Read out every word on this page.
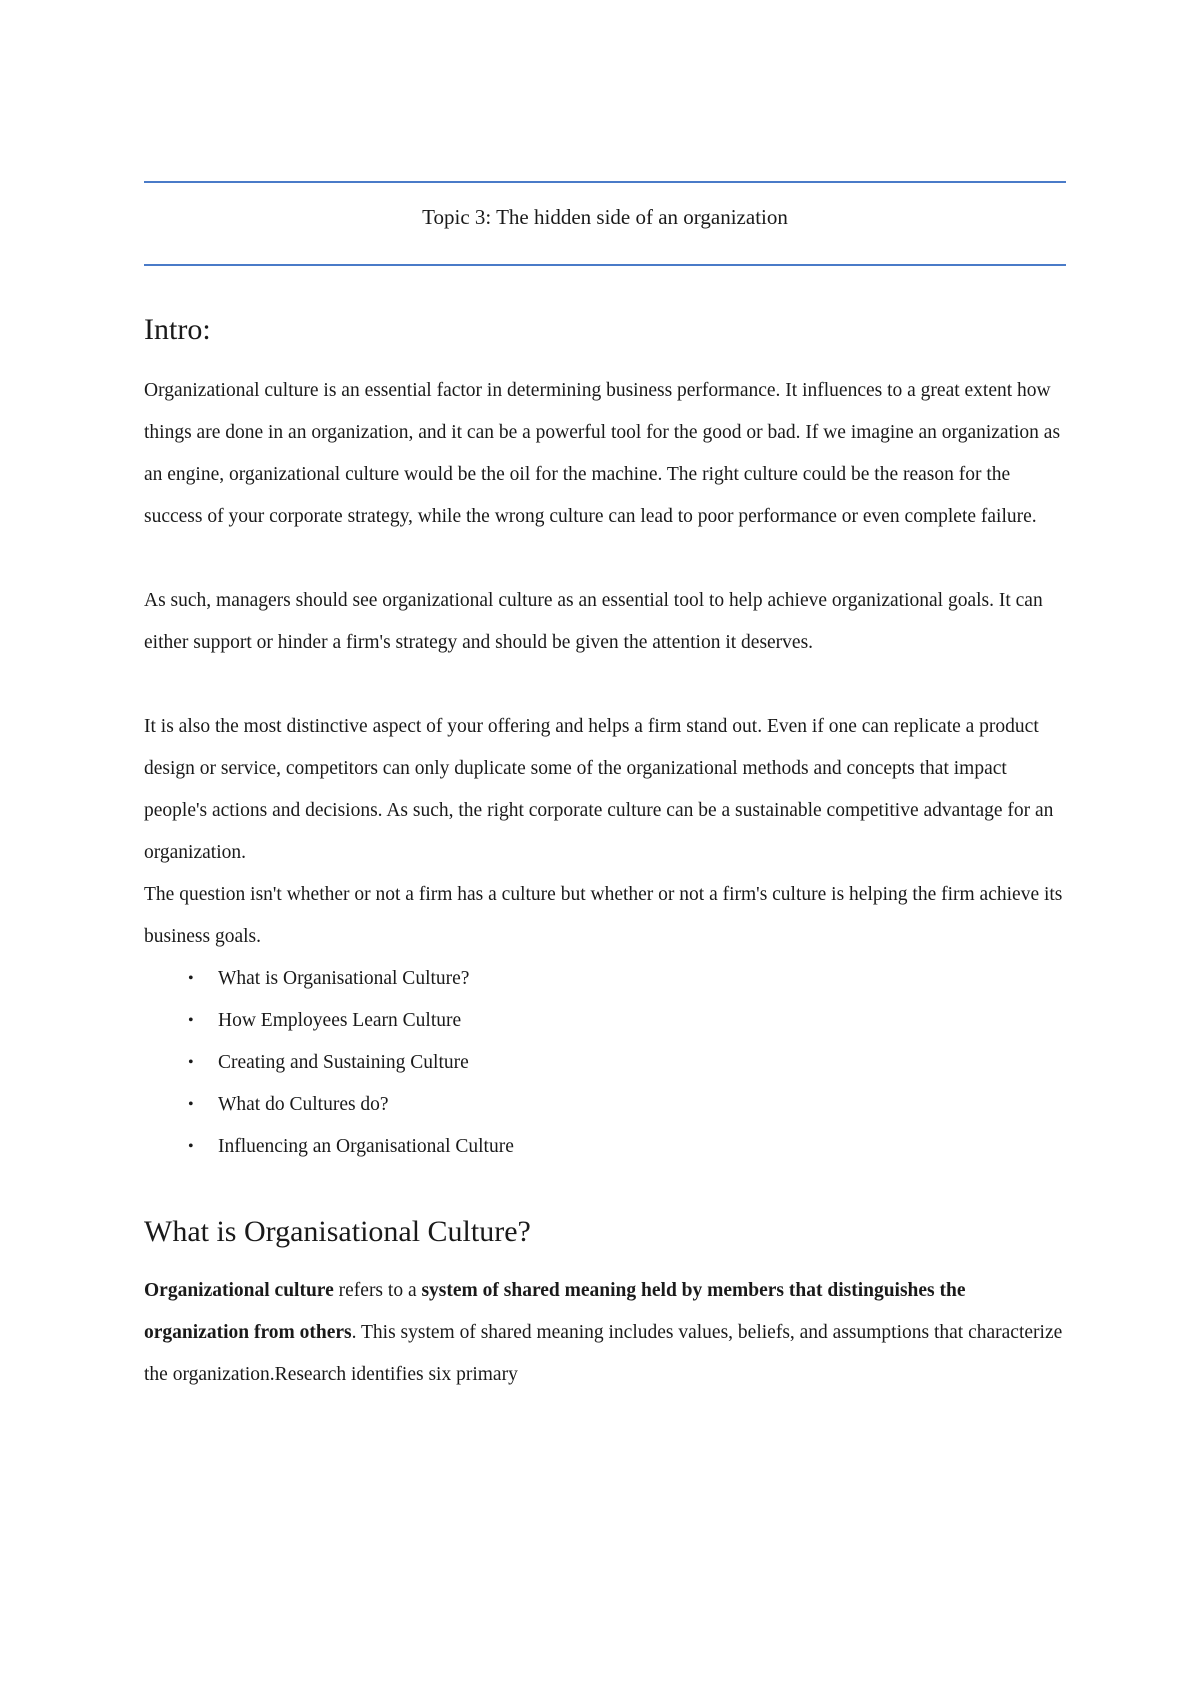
Topic 3: The hidden side of an organization
Intro:

Organizational culture is an essential factor in determining business performance. It influences to a great extent how things are done in an organization, and it can be a powerful tool for the good or bad. If we imagine an organization as an engine, organizational culture would be the oil for the machine. The right culture could be the reason for the success of your corporate strategy, while the wrong culture can lead to poor performance or even complete failure.

As such, managers should see organizational culture as an essential tool to help achieve organizational goals. It can either support or hinder a firm's strategy and should be given the attention it deserves.

It is also the most distinctive aspect of your offering and helps a firm stand out. Even if one can replicate a product design or service, competitors can only duplicate some of the organizational methods and concepts that impact people's actions and decisions. As such, the right corporate culture can be a sustainable competitive advantage for an organization.

The question isn't whether or not a firm has a culture but whether or not a firm's culture is helping the firm achieve its business goals.

• What is Organisational Culture?
• How Employees Learn Culture
• Creating and Sustaining Culture
• What do Cultures do?
• Influencing an Organisational Culture
What is Organisational Culture?

Organizational culture refers to a system of shared meaning held by members that distinguishes the organization from others. This system of shared meaning includes values, beliefs, and assumptions that characterize the organization.Research identifies six primary
